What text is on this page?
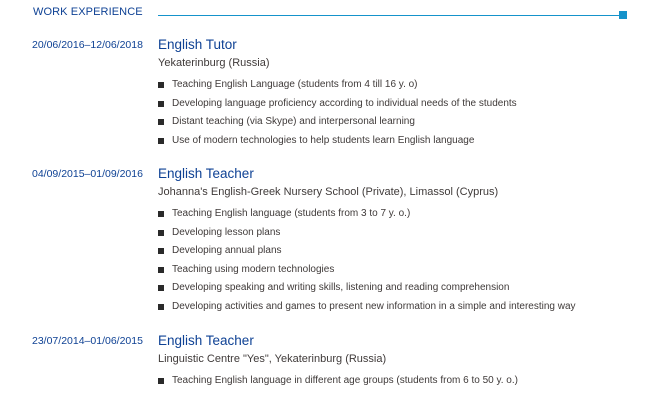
WORK EXPERIENCE
20/06/2016–12/06/2018 English Tutor
Yekaterinburg (Russia)
Teaching English Language (students from 4 till 16 y. o)
Developing language proficiency according to individual needs of the students
Distant teaching (via Skype) and interpersonal learning
Use of modern technologies to help students learn English language
04/09/2015–01/09/2016 English Teacher
Johanna's English-Greek Nursery School (Private), Limassol (Cyprus)
Teaching English language (students from 3 to 7 y. o.)
Developing lesson plans
Developing annual plans
Teaching using modern technologies
Developing speaking and writing skills, listening and reading comprehension
Developing activities and games to present new information in a simple and interesting way
23/07/2014–01/06/2015 English Teacher
Linguistic Centre "Yes", Yekaterinburg (Russia)
Teaching English language in different age groups (students from 6 to 50 y. o.)
